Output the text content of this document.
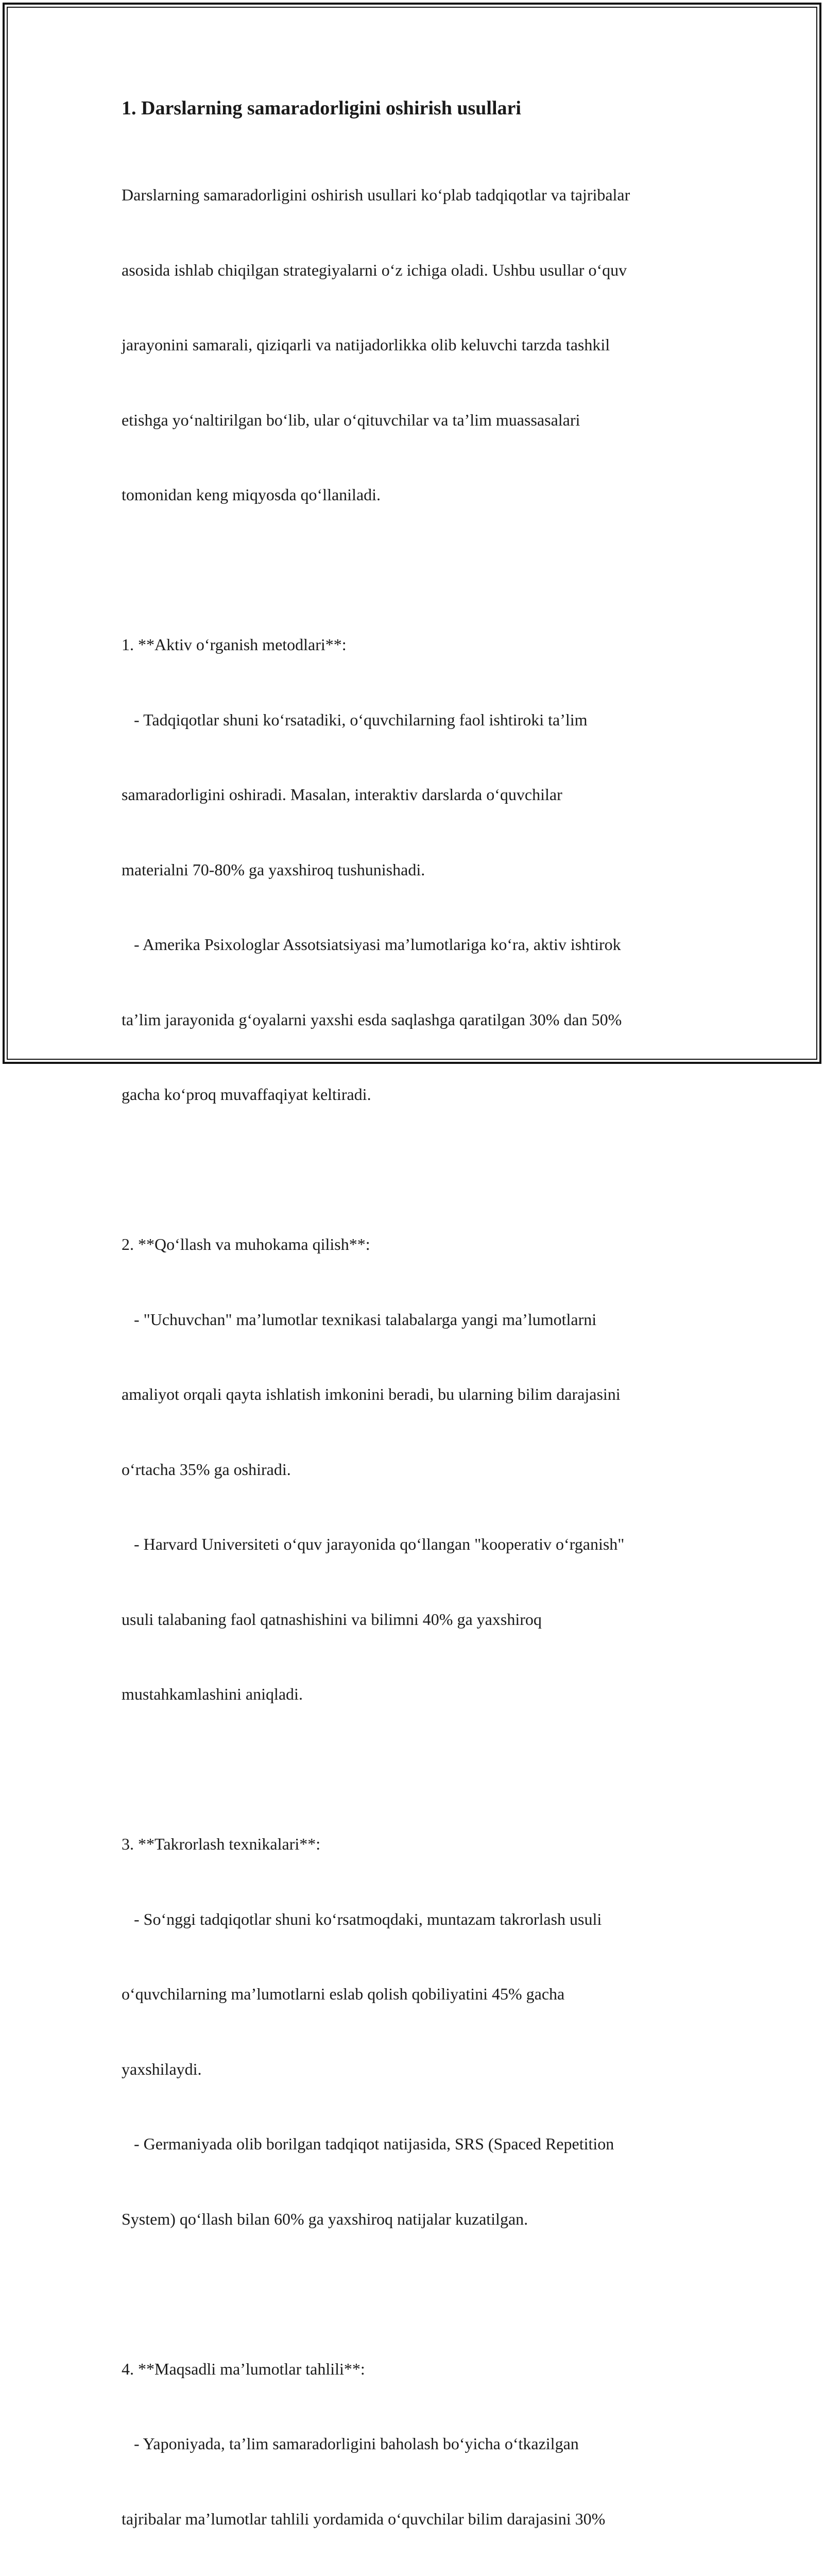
1. Darslarning samaradorligini oshirish usullari

Darslarning samaradorligini oshirish usullari ko‘plab tadqiqotlar va tajribalar

asosida ishlab chiqilgan strategiyalarni o‘z ichiga oladi. Ushbu usullar o‘quv

jarayonini samarali, qiziqarli va natijadorlikka olib keluvchi tarzda tashkil

etishga yo‘naltirilgan bo‘lib, ular o‘qituvchilar va ta’lim muassasalari

tomonidan keng miqyosda qo‘llaniladi.

1. **Aktiv o‘rganish metodlari**:

- Tadqiqotlar shuni ko‘rsatadiki, o‘quvchilarning faol ishtiroki ta’lim

samaradorligini oshiradi. Masalan, interaktiv darslarda o‘quvchilar

materialni 70-80% ga yaxshiroq tushunishadi.

- Amerika Psixologlar Assotsiatsiyasi ma’lumotlariga ko‘ra, aktiv ishtirok

ta’lim jarayonida g‘oyalarni yaxshi esda saqlashga qaratilgan 30% dan 50%

gacha ko‘proq muvaffaqiyat keltiradi.

2. **Qo‘llash va muhokama qilish**:

- "Uchuvchan" ma’lumotlar texnikasi talabalarga yangi ma’lumotlarni

amaliyot orqali qayta ishlatish imkonini beradi, bu ularning bilim darajasini

o‘rtacha 35% ga oshiradi.

- Harvard Universiteti o‘quv jarayonida qo‘llangan "kooperativ o‘rganish"

usuli talabaning faol qatnashishini va bilimni 40% ga yaxshiroq

mustahkamlashini aniqladi.

3. **Takrorlash texnikalari**:

- So‘nggi tadqiqotlar shuni ko‘rsatmoqdaki, muntazam takrorlash usuli

o‘quvchilarning ma’lumotlarni eslab qolish qobiliyatini 45% gacha

yaxshilaydi.

- Germaniyada olib borilgan tadqiqot natijasida, SRS (Spaced Repetition

System) qo‘llash bilan 60% ga yaxshiroq natijalar kuzatilgan.

4. **Maqsadli ma’lumotlar tahlili**:

- Yaponiyada, ta’lim samaradorligini baholash bo‘yicha o‘tkazilgan

tajribalar ma’lumotlar tahlili yordamida o‘quvchilar bilim darajasini 30%
